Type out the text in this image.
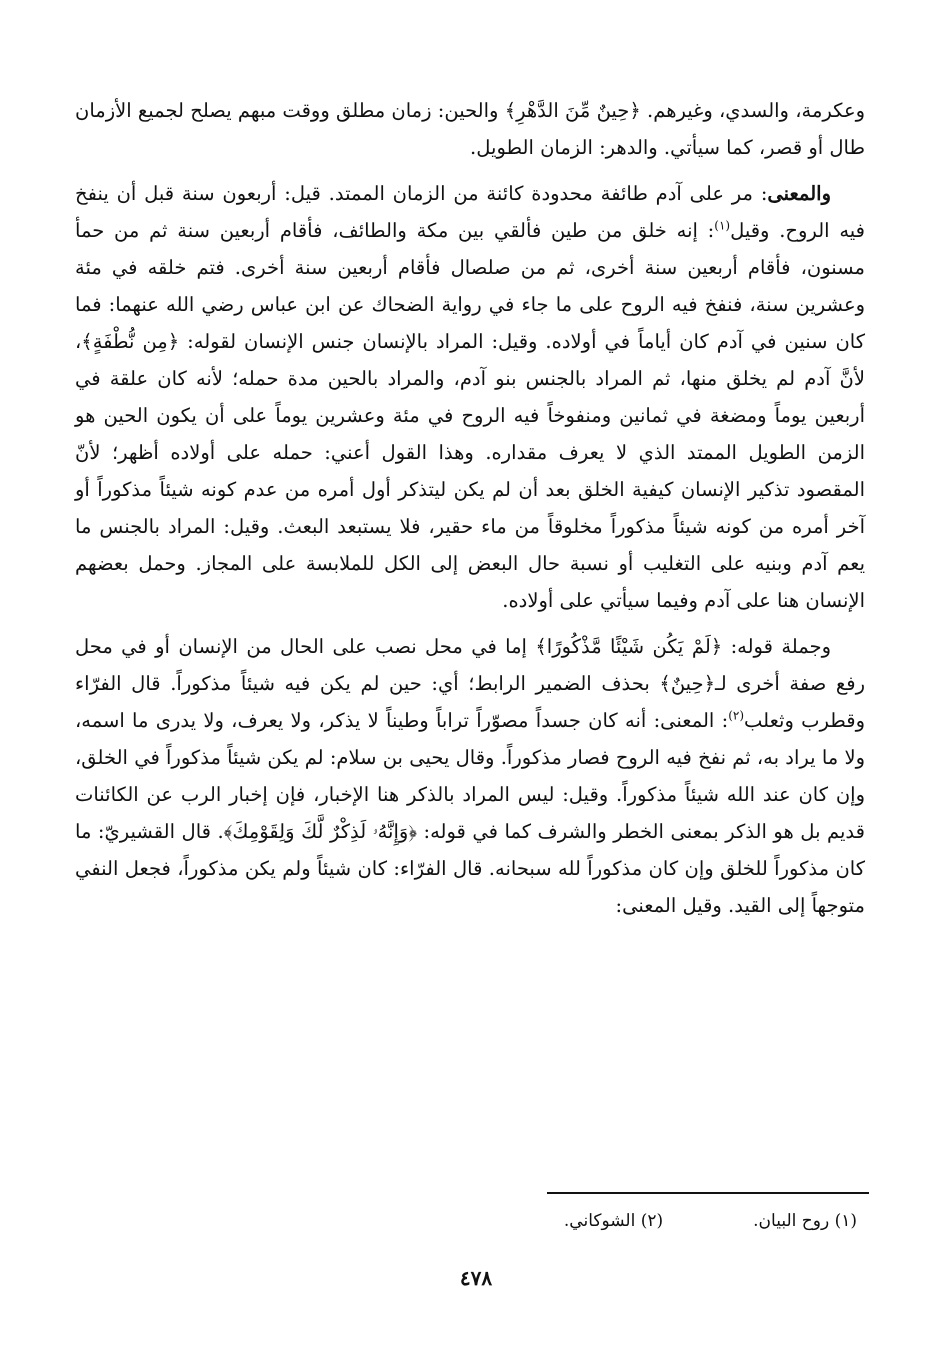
وعكرمة، والسدي، وغيرهم. ﴿حِينٌ مِّنَ الدَّهْرِ﴾ والحين: زمان مطلق ووقت مبهم يصلح لجميع الأزمان طال أو قصر، كما سيأتي. والدهر: الزمان الطويل.

والمعنى: مر على آدم طائفة محدودة كائنة من الزمان الممتد. قيل: أربعون سنة قبل أن ينفخ فيه الروح. وقيل$^{(١)}$: إنه خلق من طين فألقي بين مكة والطائف، فأقام أربعين سنة ثم من حمأ مسنون، فأقام أربعين سنة أخرى، ثم من صلصال فأقام أربعين سنة أخرى. فتم خلقه في مئة وعشرين سنة، فنفخ فيه الروح على ما جاء في رواية الضحاك عن ابن عباس رضي الله عنهما: فما كان سنين في آدم كان أياماً في أولاده. وقيل: المراد بالإنسان جنس الإنسان لقوله: ﴿مِن نُّطْفَةٍ﴾، لأنَّ آدم لم يخلق منها، ثم المراد بالجنس بنو آدم، والمراد بالحين مدة حمله؛ لأنه كان علقة في أربعين يوماً ومضغة في ثمانين ومنفوخاً فيه الروح في مئة وعشرين يوماً على أن يكون الحين هو الزمن الطويل الممتد الذي لا يعرف مقداره. وهذا القول أعني: حمله على أولاده أظهر؛ لأنّ المقصود تذكير الإنسان كيفية الخلق بعد أن لم يكن ليتذكر أول أمره من عدم كونه شيئاً مذكوراً أو آخر أمره من كونه شيئاً مذكوراً مخلوقاً من ماء حقير، فلا يستبعد البعث. وقيل: المراد بالجنس ما يعم آدم وبنيه على التغليب أو نسبة حال البعض إلى الكل للملابسة على المجاز. وحمل بعضهم الإنسان هنا على آدم وفيما سيأتي على أولاده.

وجملة قوله: ﴿لَمْ يَكُن شَيْئًا مَّذْكُورًا﴾ إما في محل نصب على الحال من الإنسان أو في محل رفع صفة أخرى لـ﴿حِينٌ﴾ بحذف الضمير الرابط؛ أي: حين لم يكن فيه شيئاً مذكوراً. قال الفرّاء وقطرب وثعلب$^{(٢)}$: المعنى: أنه كان جسداً مصوّراً تراباً وطيناً لا يذكر، ولا يعرف، ولا يدرى ما اسمه، ولا ما يراد به، ثم نفخ فيه الروح فصار مذكوراً. وقال يحيى بن سلام: لم يكن شيئاً مذكوراً في الخلق، وإن كان عند الله شيئاً مذكوراً. وقيل: ليس المراد بالذكر هنا الإخبار، فإن إخبار الرب عن الكائنات قديم بل هو الذكر بمعنى الخطر والشرف كما في قوله: ﴿وَإِنَّهُۥ لَذِكْرٌ لَّكَ وَلِقَوْمِكَ﴾. قال القشيريّ: ما كان مذكوراً للخلق وإن كان مذكوراً لله سبحانه. قال الفرّاء: كان شيئاً ولم يكن مذكوراً، فجعل النفي متوجهاً إلى القيد. وقيل المعنى:

(١) روح البيان.
(٢) الشوكاني.
٤٧٨
